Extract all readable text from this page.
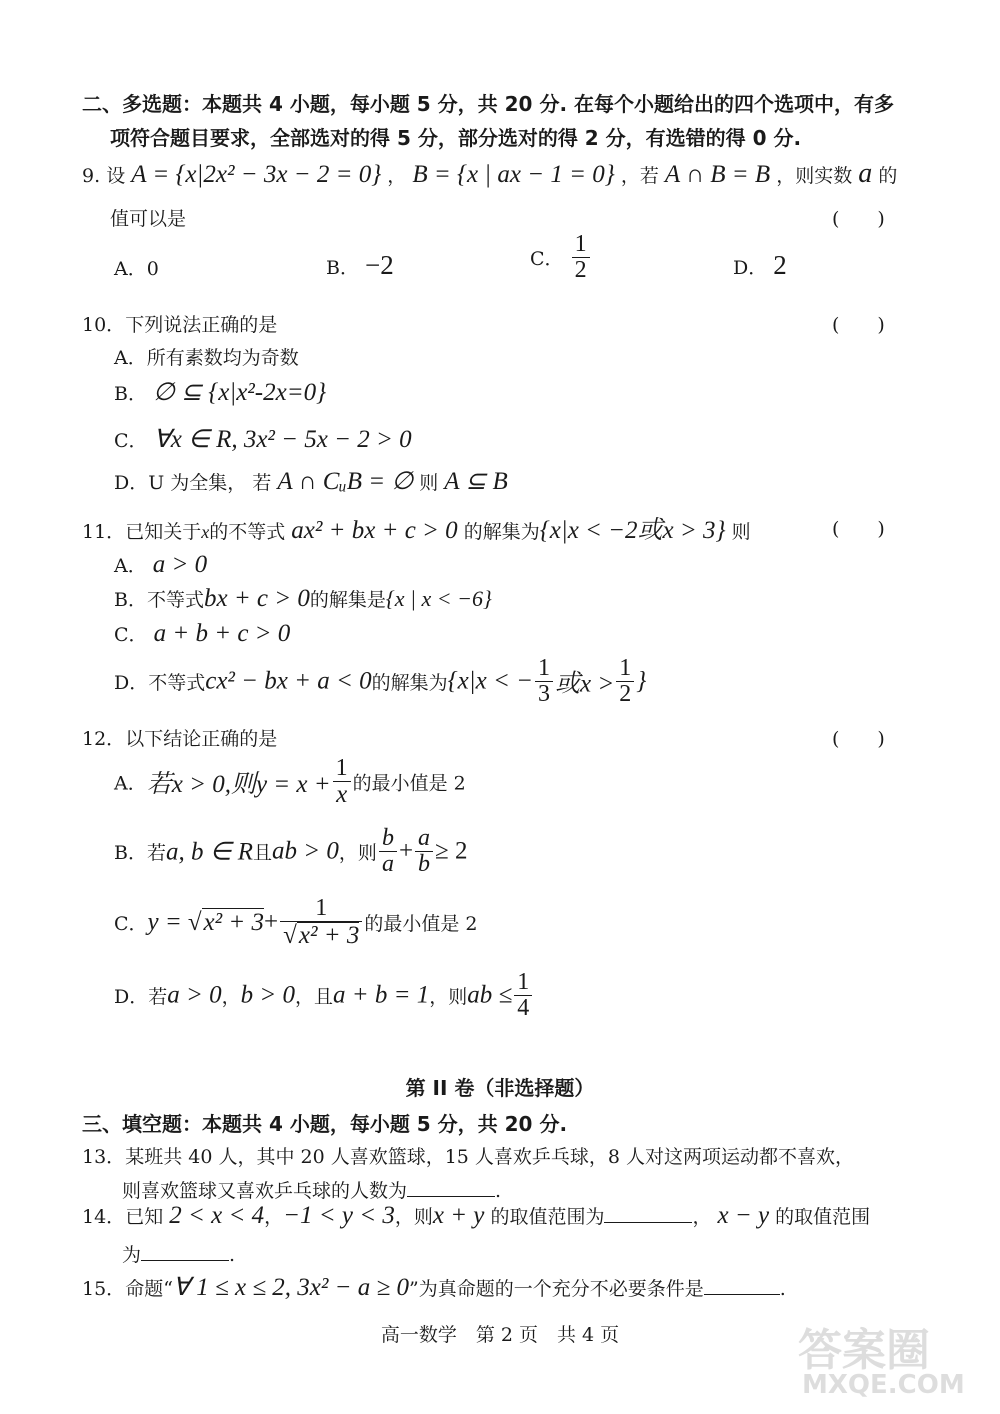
二、多选题：本题共 4 小题，每小题 5 分，共 20 分. 在每个小题给出的四个选项中，有多
项符合题目要求，全部选对的得 5 分，部分选对的得 2 分，有选错的得 0 分.
9. 设 A = {x|2x² − 3x − 2 = 0} ， B = {x | ax − 1 = 0} ，若 A ∩ B = B ，则实数 a 的
值可以是	(　　)
A．0	B． −2	C． $\frac{1}{2}$	D． 2
10．下列说法正确的是	(　　)
A．所有素数均为奇数
B． ∅ ⊆ {x|x²-2x=0}
C． ∀x ∈ R, 3x² − 5x − 2 > 0
D．U 为全集， 若 A ∩ CᵤB = ∅ 则 A ⊆ B
11．已知关于x的不等式 ax² + bx + c > 0 的解集为{x|x < −2或x > 3} 则	(　　)
A． a > 0
B．不等式bx + c > 0的解集是{x | x < −6}
C． a + b + c > 0
D．不等式cx² − bx + a < 0的解集为{x|x < − $\frac{1}{3}$ 或$x > \frac{1}{2}$ }
12．以下结论正确的是	(　　)
A．若x > 0,则$y = x + \frac{1}{x}$ 的最小值是 2
B．若a, b ∈ R且ab > 0，则 $\frac{b}{a} + \frac{a}{b} \ge 2$
C．$y = √x^2 + 3+ \frac{1}{\text{√x² + 3}}$ 的最小值是 2
D．若a > 0，b > 0，且a + b = 1，则ab ≤ $\frac{1}{4}$
第 II 卷（非选择题）
三、填空题：本题共 4 小题，每小题 5 分，共 20 分.
13．某班共 40 人，其中 20 人喜欢篮球，15 人喜欢乒乓球，8 人对这两项运动都不喜欢，
则喜欢篮球又喜欢乒乓球的人数为	.
14．已知 2 < x < 4，−1 < y < 3，则x + y 的取值范围为	， x − y 的取值范围
为	.
15．命题“∀ 1 ≤ x ≤ 2, 3x² − a ≥ 0”为真命题的一个充分不必要条件是	.
高一数学　第 2 页　共 4 页	答案圈
MXQE.COM
